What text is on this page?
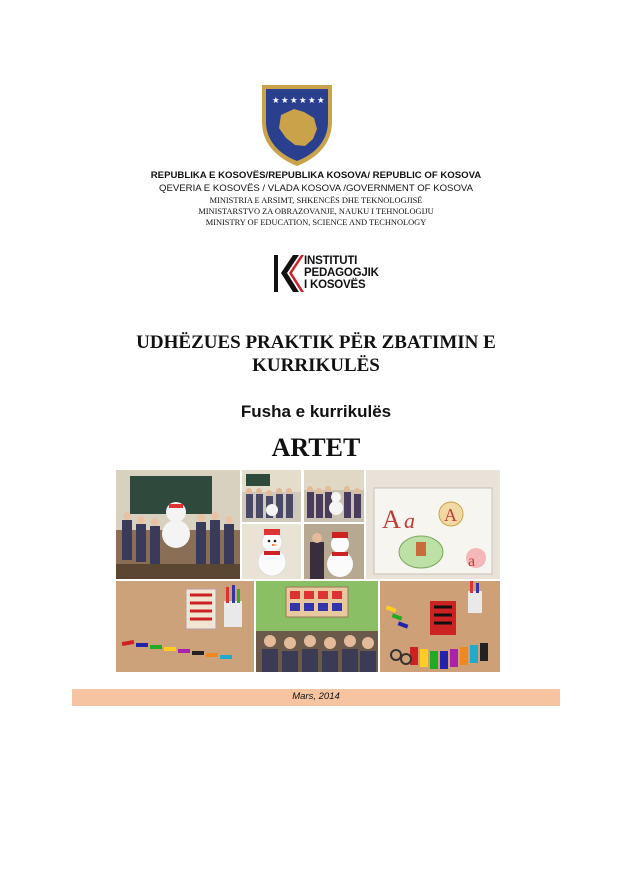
★ ★ ★ ★ ★ ★
REPUBLIKA E KOSOVËS/REPUBLIKA KOSOVA/ REPUBLIC OF KOSOVA
QEVERIA E KOSOVËS / VLADA KOSOVA /GOVERNMENT OF KOSOVA
MINISTRIA E ARSIMT, SHKENCËS DHE TEKNOLOGJISË
MINISTARSTVO ZA OBRAZOVANJE, NAUKU I TEHNOLOGIJU
MINISTRY OF EDUCATION, SCIENCE AND TECHNOLOGY
INSTITUTI
PEDAGOGJIK
I KOSOVËS
UDHËZUES PRAKTIK PËR ZBATIMIN E
KURRIKULËS
Fusha e kurrikulës
ARTET
A a A
a
Mars, 2014
